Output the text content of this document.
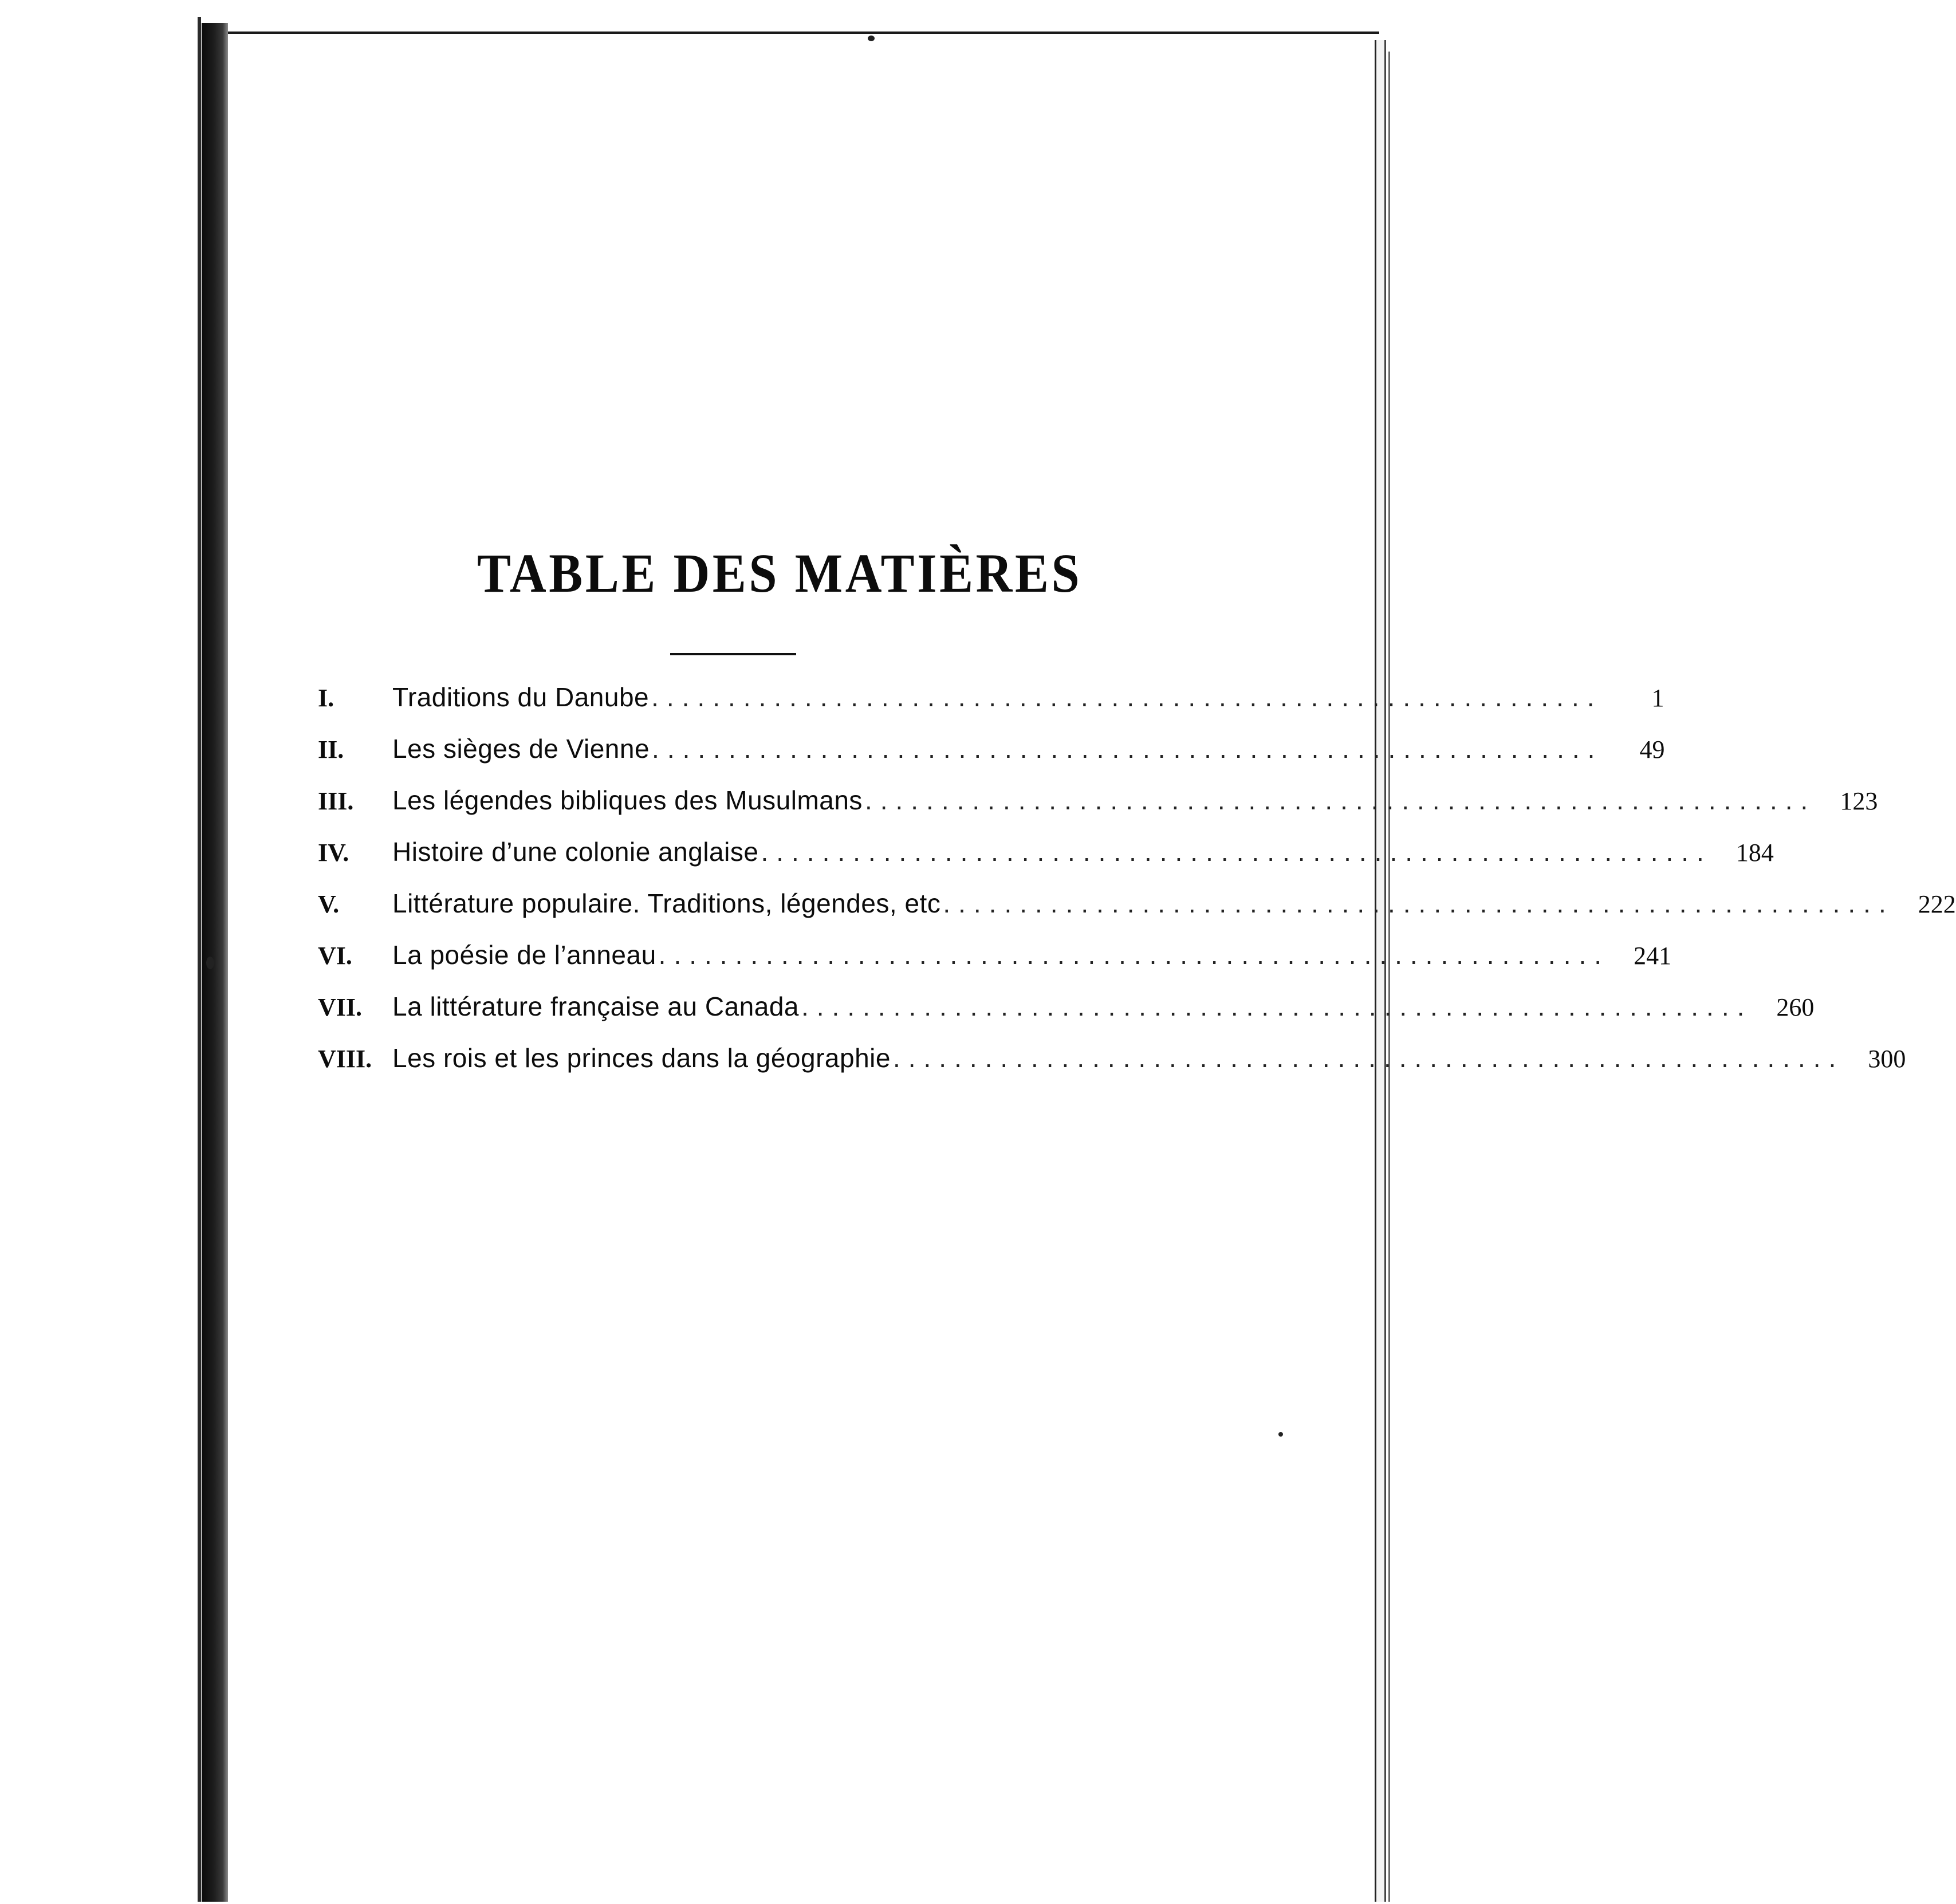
TABLE DES MATIÈRES
I.	Traditions du Danube ..............................................................	1
II.	Les sièges de Vienne ..............................................................	49
III.	Les légendes bibliques des Musulmans .............................................................. 123
IV.	Histoire d’une colonie anglaise .............................................................. 184
V.	Littérature populaire. Traditions, légendes, etc .............................................................. 222
VI.	La poésie de l’anneau .............................................................. 241
VII.	La littérature française au Canada .............................................................. 260
VIII. Les rois et les princes dans la géographie .............................................................. 300
